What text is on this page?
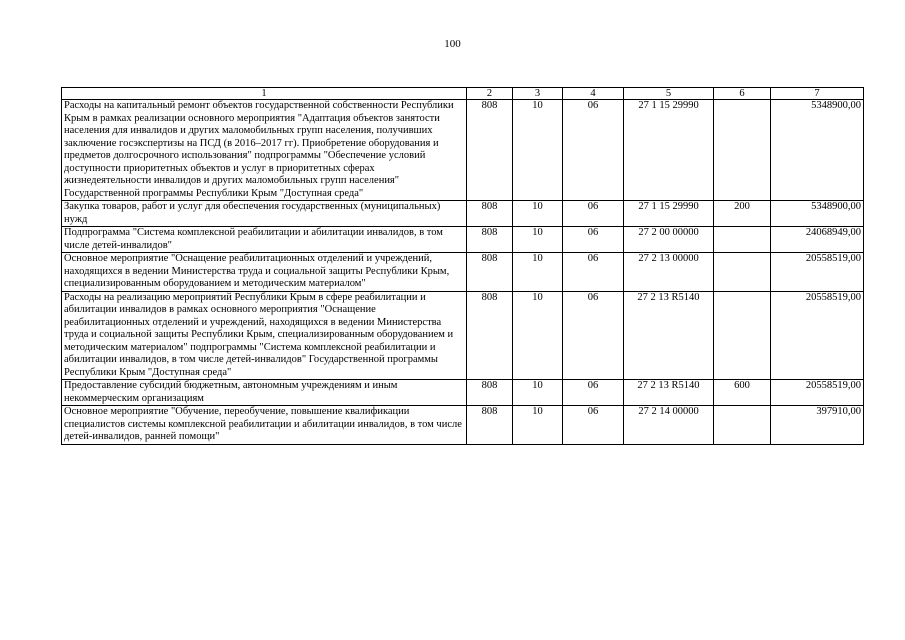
100
1	2	3	4	5	6	7
Расходы на капитальный ремонт объектов государственной собственности Республики Крым в рамках реализации основного мероприятия "Адаптация объектов занятости населения для инвалидов и других маломобильных групп населения, получивших заключение госэкспертизы на ПСД (в 2016–2017 гг). Приобретение оборудования и предметов долгосрочного использования" подпрограммы "Обеспечение условий доступности приоритетных объектов и услуг в приоритетных сферах жизнедеятельности инвалидов и других маломобильных групп населения" Государственной программы Республики Крым "Доступная среда"	808	10	06	27 1 15 29990		5348900,00
Закупка товаров, работ и услуг для обеспечения государственных (муниципальных) нужд	808	10	06	27 1 15 29990	200	5348900,00
Подпрограмма "Система комплексной реабилитации и абилитации инвалидов, в том числе детей-инвалидов"	808	10	06	27 2 00 00000		24068949,00
Основное мероприятие "Оснащение реабилитационных отделений и учреждений, находящихся в ведении Министерства труда и социальной защиты Республики Крым, специализированным оборудованием и методическим материалом"	808	10	06	27 2 13 00000		20558519,00
Расходы на реализацию мероприятий Республики Крым в сфере реабилитации и абилитации инвалидов в рамках основного мероприятия "Оснащение реабилитационных отделений и учреждений, находящихся в ведении Министерства труда и социальной защиты Республики Крым, специализированным оборудованием и методическим материалом" подпрограммы "Система комплексной реабилитации и абилитации инвалидов, в том числе детей-инвалидов" Государственной программы Республики Крым "Доступная среда"	808	10	06	27 2 13 R5140		20558519,00
Предоставление субсидий бюджетным, автономным учреждениям и иным некоммерческим организациям	808	10	06	27 2 13 R5140	600	20558519,00
Основное мероприятие "Обучение, переобучение, повышение квалификации специалистов системы комплексной реабилитации и абилитации инвалидов, в том числе детей-инвалидов, ранней помощи"	808	10	06	27 2 14 00000		397910,00
